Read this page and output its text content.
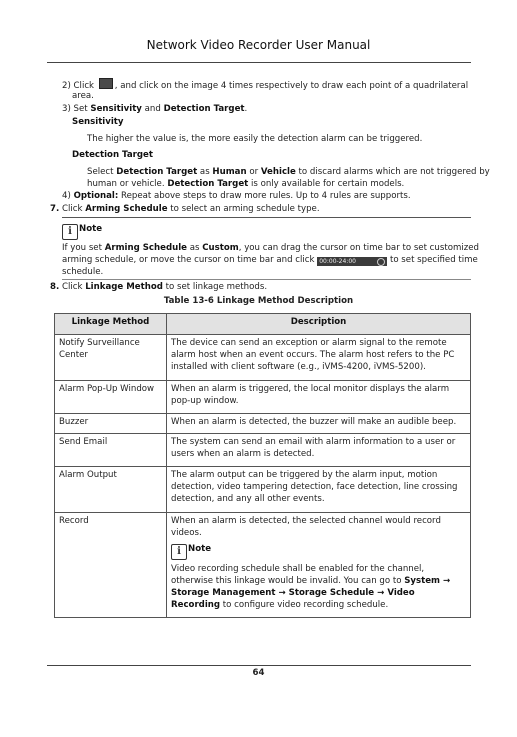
Network Video Recorder User Manual
2) Click , and click on the image 4 times respectively to draw each point of a quadrilateral
area.
3) Set Sensitivity and Detection Target.
Sensitivity
The higher the value is, the more easily the detection alarm can be triggered.
Detection Target
Select Detection Target as Human or Vehicle to discard alarms which are not triggered by
human or vehicle. Detection Target is only available for certain models.
4) Optional: Repeat above steps to draw more rules. Up to 4 rules are supports.
7. Click Arming Schedule to select an arming schedule type.
i Note
If you set Arming Schedule as Custom, you can drag the cursor on time bar to set customized
arming schedule, or move the cursor on time bar and click 00:00-24:00	to set specified time
schedule.
8. Click Linkage Method to set linkage methods.
Table 13-6 Linkage Method Description
Linkage Method	Description
Notify Surveillance Center	The device can send an exception or alarm signal to the remote alarm host when an event occurs. The alarm host refers to the PC installed with client software (e.g., iVMS-4200, iVMS-5200).
Alarm Pop-Up Window	When an alarm is triggered, the local monitor displays the alarm pop-up window.
Buzzer	When an alarm is detected, the buzzer will make an audible beep.
Send Email	The system can send an email with alarm information to a user or users when an alarm is detected.
Alarm Output	The alarm output can be triggered by the alarm input, motion detection, video tampering detection, face detection, line crossing detection, and any all other events.
Record	When an alarm is detected, the selected channel would record videos.
i Note
Video recording schedule shall be enabled for the channel, otherwise this linkage would be invalid. You can go to System → Storage Management → Storage Schedule → Video Recording to configure video recording schedule.
64
